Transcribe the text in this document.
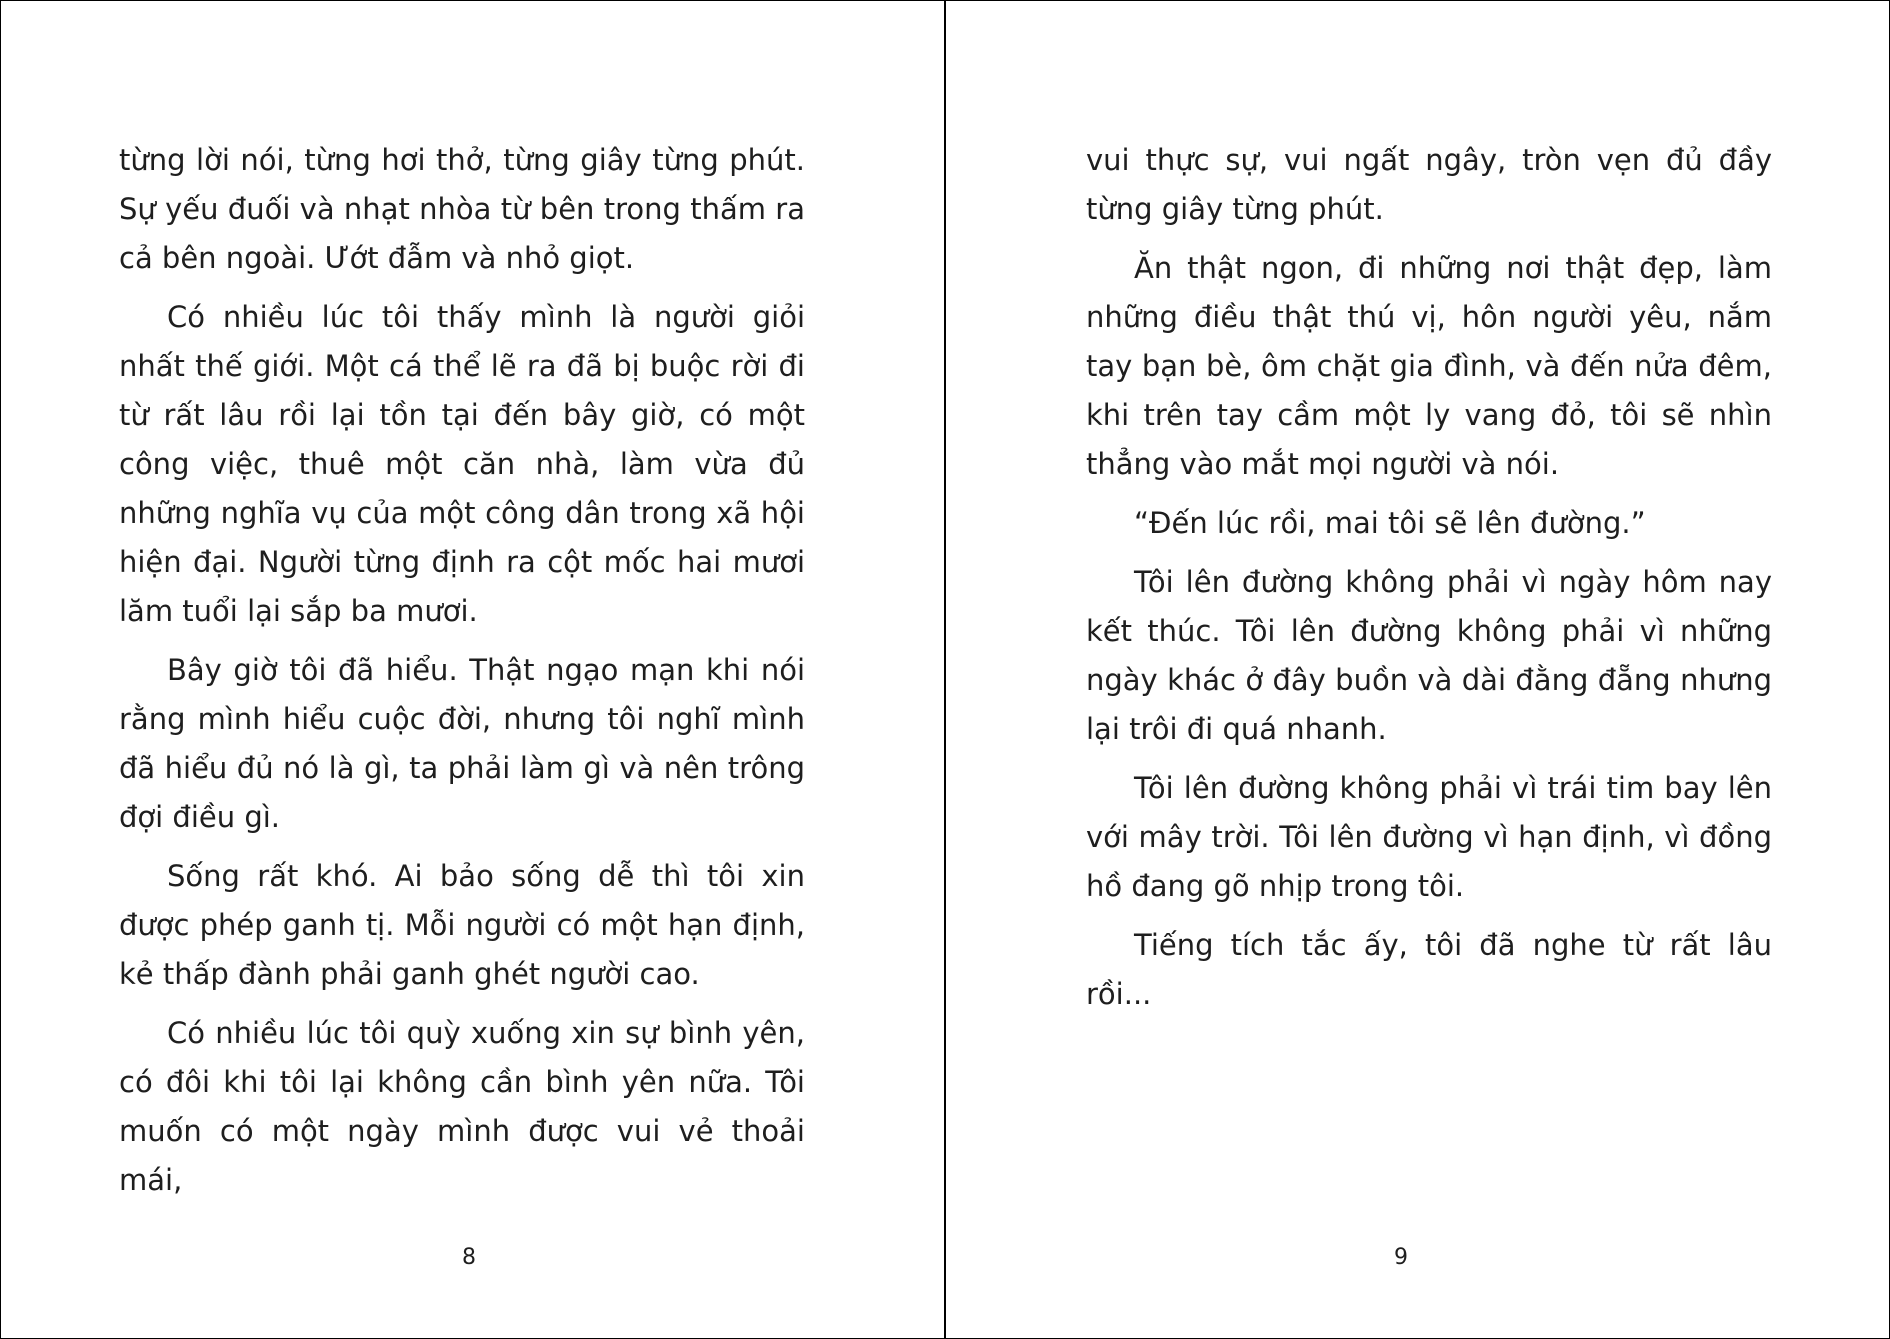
từng lời nói, từng hơi thở, từng giây từng phút. Sự yếu đuối và nhạt nhòa từ bên trong thấm ra cả bên ngoài. Ướt đẫm và nhỏ giọt.

Có nhiều lúc tôi thấy mình là người giỏi nhất thế giới. Một cá thể lẽ ra đã bị buộc rời đi từ rất lâu rồi lại tồn tại đến bây giờ, có một công việc, thuê một căn nhà, làm vừa đủ những nghĩa vụ của một công dân trong xã hội hiện đại. Người từng định ra cột mốc hai mươi lăm tuổi lại sắp ba mươi.

Bây giờ tôi đã hiểu. Thật ngạo mạn khi nói rằng mình hiểu cuộc đời, nhưng tôi nghĩ mình đã hiểu đủ nó là gì, ta phải làm gì và nên trông đợi điều gì.

Sống rất khó. Ai bảo sống dễ thì tôi xin được phép ganh tị. Mỗi người có một hạn định, kẻ thấp đành phải ganh ghét người cao.

Có nhiều lúc tôi quỳ xuống xin sự bình yên, có đôi khi tôi lại không cần bình yên nữa. Tôi muốn có một ngày mình được vui vẻ thoải mái,

8

vui thực sự, vui ngất ngây, tròn vẹn đủ đầy từng giây từng phút.

Ăn thật ngon, đi những nơi thật đẹp, làm những điều thật thú vị, hôn người yêu, nắm tay bạn bè, ôm chặt gia đình, và đến nửa đêm, khi trên tay cầm một ly vang đỏ, tôi sẽ nhìn thẳng vào mắt mọi người và nói.

“Đến lúc rồi, mai tôi sẽ lên đường.”

Tôi lên đường không phải vì ngày hôm nay kết thúc. Tôi lên đường không phải vì những ngày khác ở đây buồn và dài đằng đẵng nhưng lại trôi đi quá nhanh.

Tôi lên đường không phải vì trái tim bay lên với mây trời. Tôi lên đường vì hạn định, vì đồng hồ đang gõ nhịp trong tôi.

Tiếng tích tắc ấy, tôi đã nghe từ rất lâu rồi...

9
